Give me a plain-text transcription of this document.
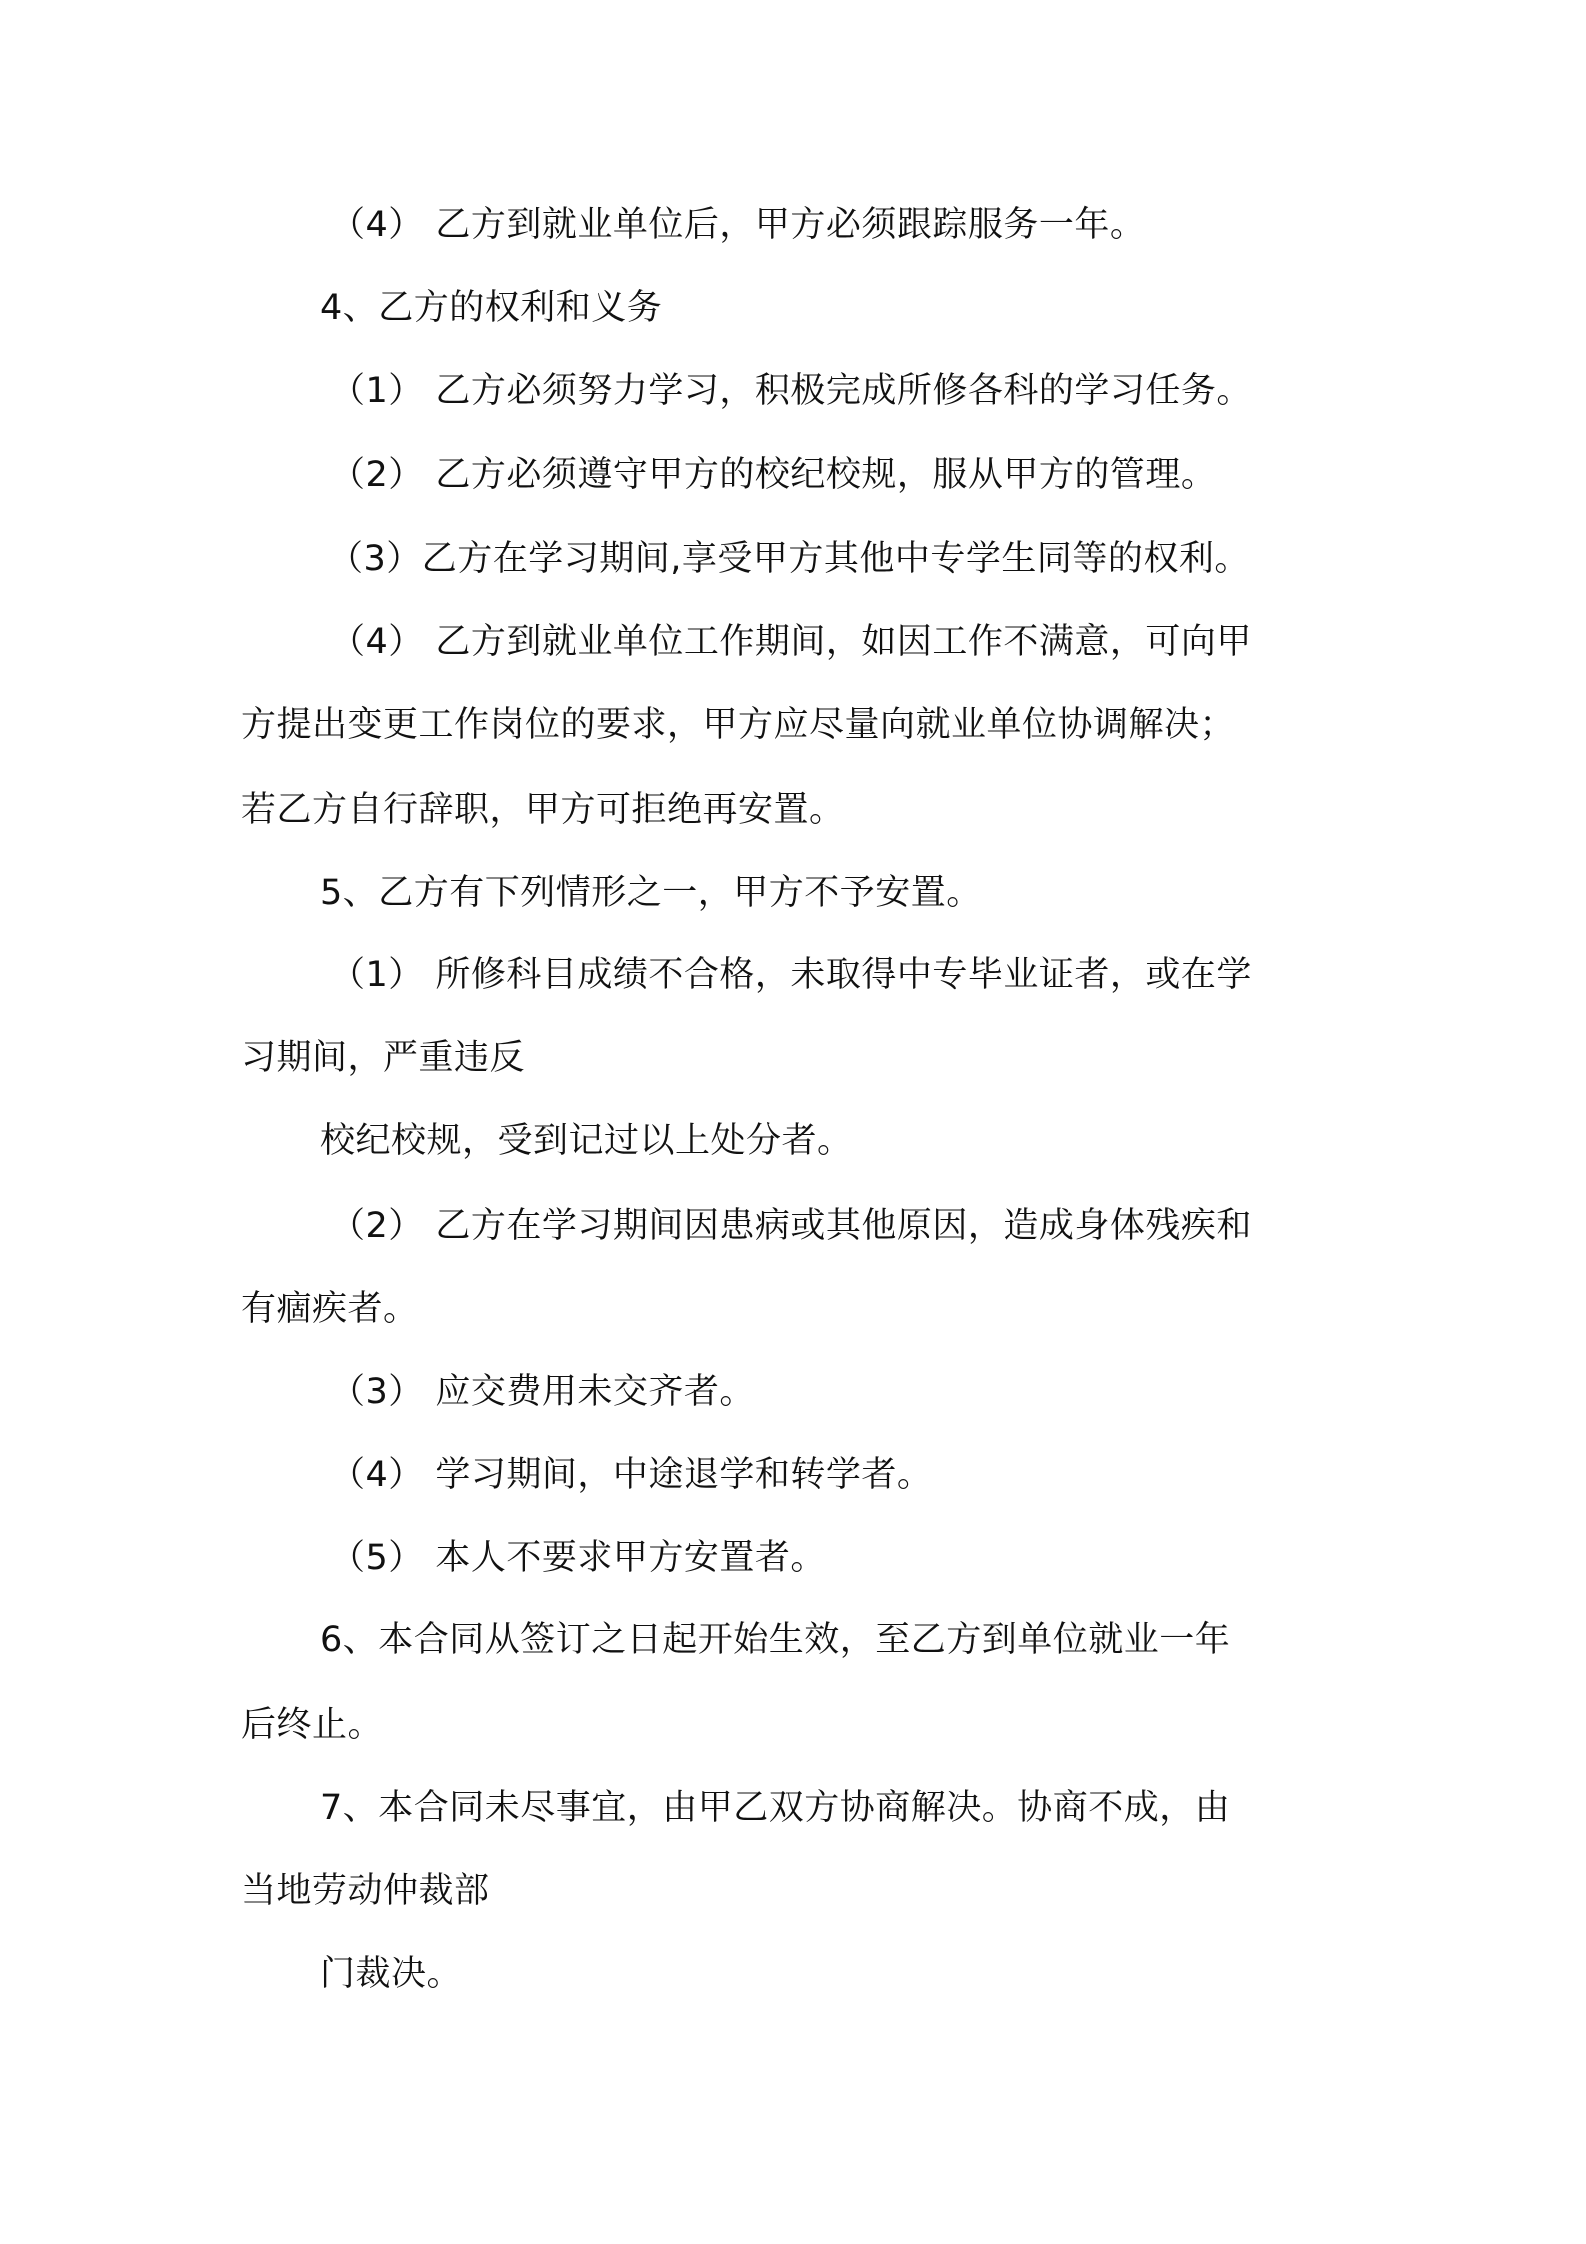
（4） 乙方到就业单位后，甲方必须跟踪服务一年。
4、乙方的权利和义务
（1） 乙方必须努力学习，积极完成所修各科的学习任务。
（2） 乙方必须遵守甲方的校纪校规，服从甲方的管理。
（3）乙方在学习期间,享受甲方其他中专学生同等的权利。
（4） 乙方到就业单位工作期间，如因工作不满意，可向甲
方提出变更工作岗位的要求，甲方应尽量向就业单位协调解决；
若乙方自行辞职，甲方可拒绝再安置。
5、乙方有下列情形之一，甲方不予安置。
（1） 所修科目成绩不合格，未取得中专毕业证者，或在学
习期间，严重违反
校纪校规，受到记过以上处分者。
（2） 乙方在学习期间因患病或其他原因，造成身体残疾和
有痼疾者。
（3） 应交费用未交齐者。
（4） 学习期间，中途退学和转学者。
（5） 本人不要求甲方安置者。
6、本合同从签订之日起开始生效，至乙方到单位就业一年
后终止。
7、本合同未尽事宜，由甲乙双方协商解决。协商不成，由
当地劳动仲裁部
门裁决。
